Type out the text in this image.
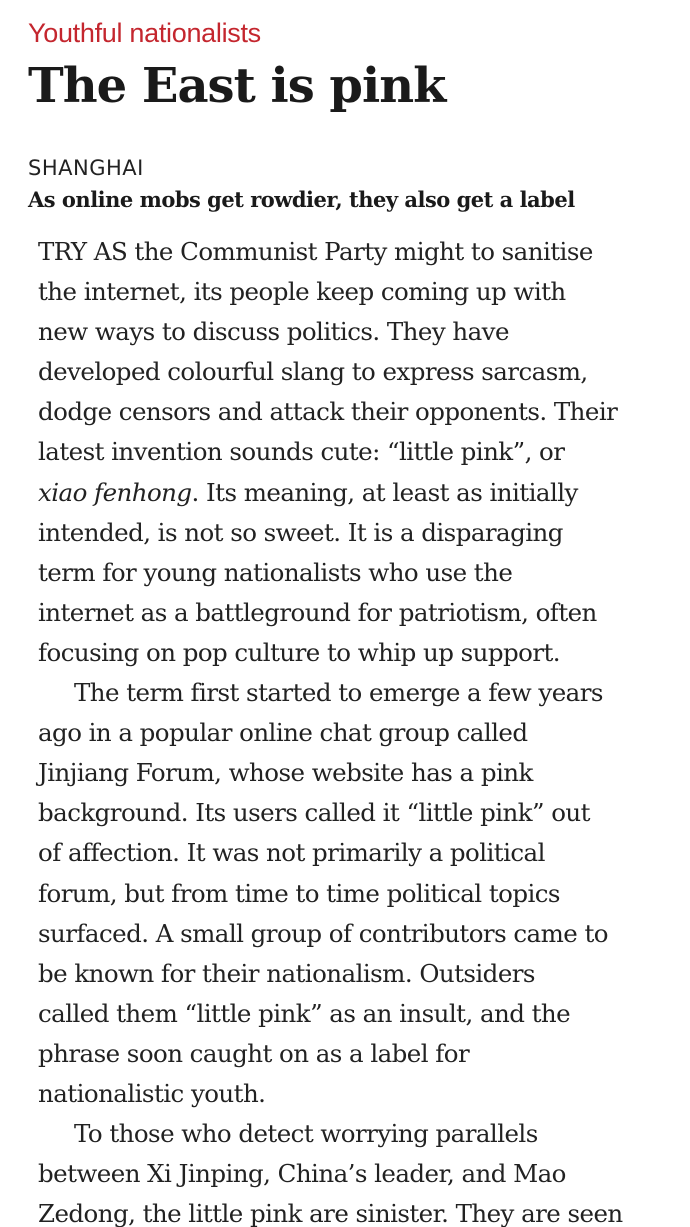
Youthful nationalists
The East is pink
SHANGHAI
As online mobs get rowdier, they also get a label
TRY AS the Communist Party might to sanitise
the internet, its people keep coming up with
new ways to discuss politics. They have
developed colourful slang to express sarcasm,
dodge censors and attack their opponents. Their
latest invention sounds cute: “little pink”, or
xiao fenhong. Its meaning, at least as initially
intended, is not so sweet. It is a disparaging
term for young nationalists who use the
internet as a battleground for patriotism, often
focusing on pop culture to whip up support.
The term first started to emerge a few years
ago in a popular online chat group called
Jinjiang Forum, whose website has a pink
background. Its users called it “little pink” out
of affection. It was not primarily a political
forum, but from time to time political topics
surfaced. A small group of contributors came to
be known for their nationalism. Outsiders
called them “little pink” as an insult, and the
phrase soon caught on as a label for
nationalistic youth.
To those who detect worrying parallels
between Xi Jinping, China’s leader, and Mao
Zedong, the little pink are sinister. They are seen
